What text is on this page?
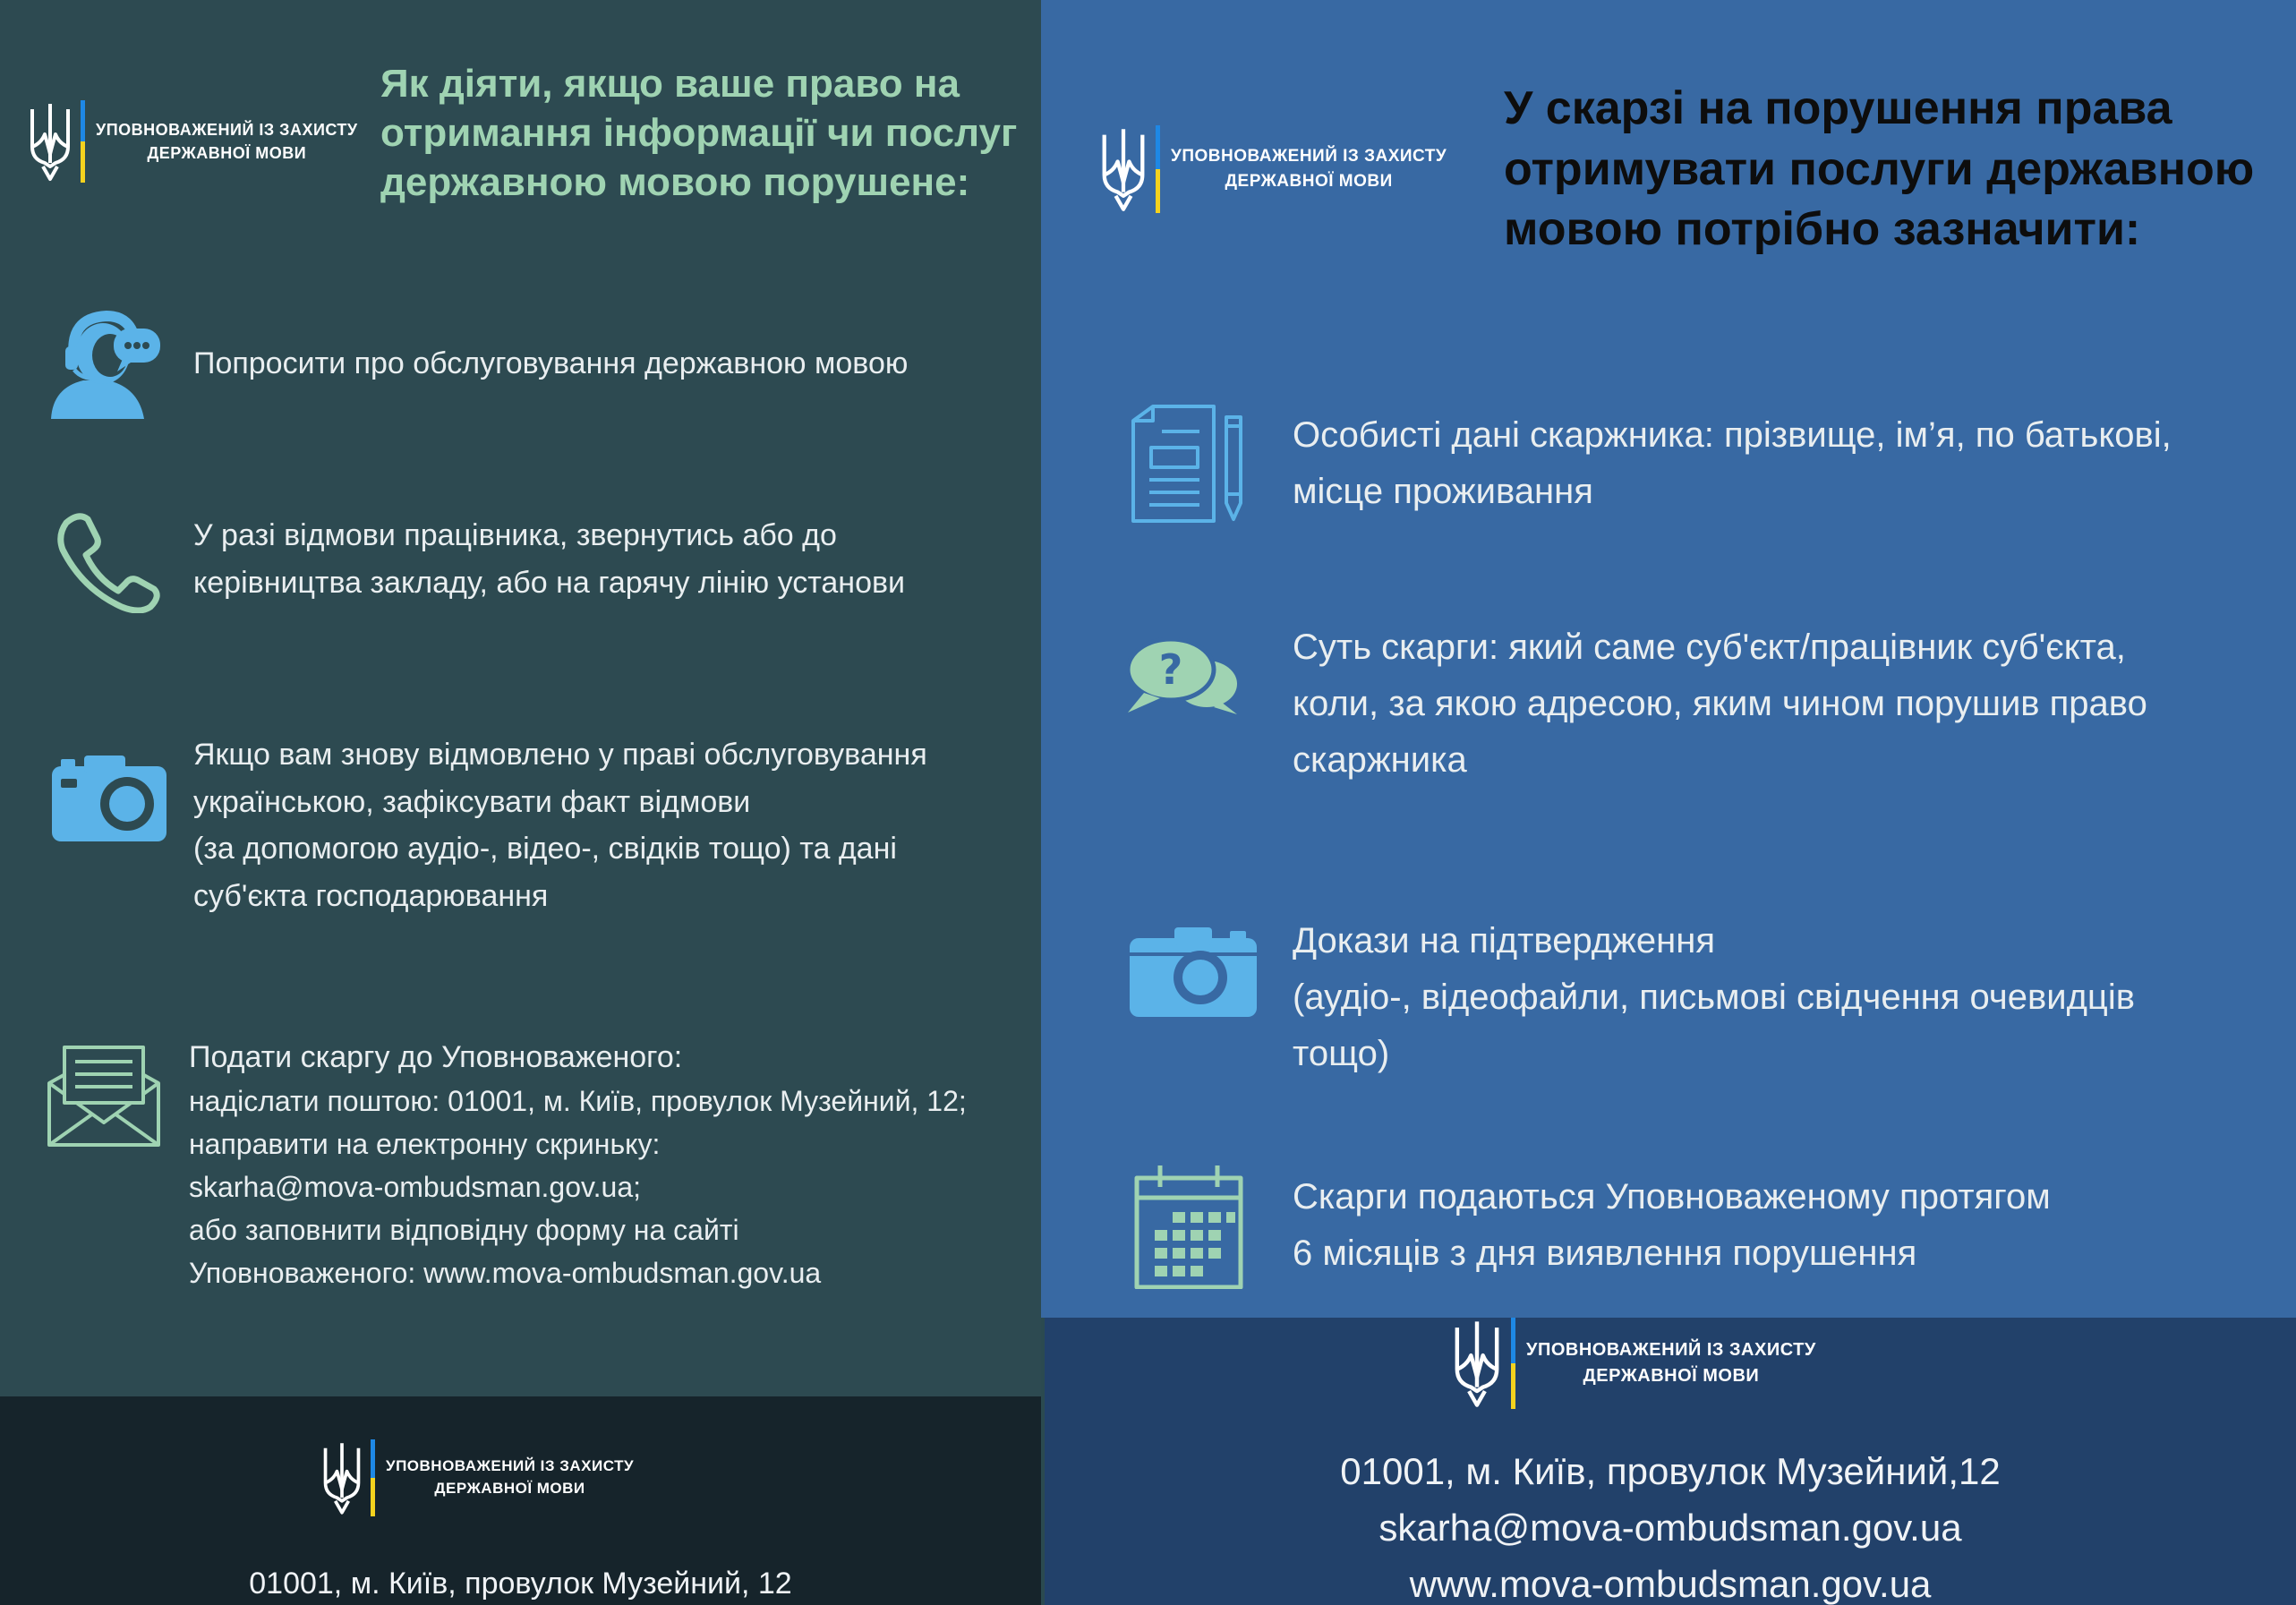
УПОВНОВАЖЕНИЙ ІЗ ЗАХИСТУ
ДЕРЖАВНОЇ МОВИ
Як діяти, якщо ваше право на отримання інформації чи послуг державною мовою порушене:
Попросити про обслуговування державною мовою
У разі відмови працівника, звернутись або до
керівництва закладу, або на гарячу лінію установи
Якщо вам знову відмовлено у праві обслуговування
українською, зафіксувати факт відмови
(за допомогою аудіо-, відео-, свідків тощо) та дані
суб'єкта господарювання
Подати скаргу до Уповноваженого:
надіслати поштою: 01001, м. Київ, провулок Музейний, 12;
направити на електронну скриньку:
skarha@mova-ombudsman.gov.ua;
або заповнити відповідну форму на сайті
Уповноваженого: www.mova-ombudsman.gov.ua
УПОВНОВАЖЕНИЙ ІЗ ЗАХИСТУ
ДЕРЖАВНОЇ МОВИ
01001, м. Київ, провулок Музейний, 12
УПОВНОВАЖЕНИЙ ІЗ ЗАХИСТУ
ДЕРЖАВНОЇ МОВИ
У скарзі на порушення права
отримувати послуги державною
мовою потрібно зазначити:
Особисті дані скаржника: прізвище, ім’я, по батькові,
місце проживання
?	Суть скарги: який саме суб'єкт/працівник суб'єкта,
коли, за якою адресою, яким чином порушив право
скаржника
Докази на підтвердження
(аудіо-, відеофайли, письмові свідчення очевидців
тощо)
Скарги подаються Уповноваженому протягом
6 місяців з дня виявлення порушення
УПОВНОВАЖЕНИЙ ІЗ ЗАХИСТУ
ДЕРЖАВНОЇ МОВИ
01001, м. Київ, провулок Музейний,12
skarha@mova-ombudsman.gov.ua
www.mova-ombudsman.gov.ua
